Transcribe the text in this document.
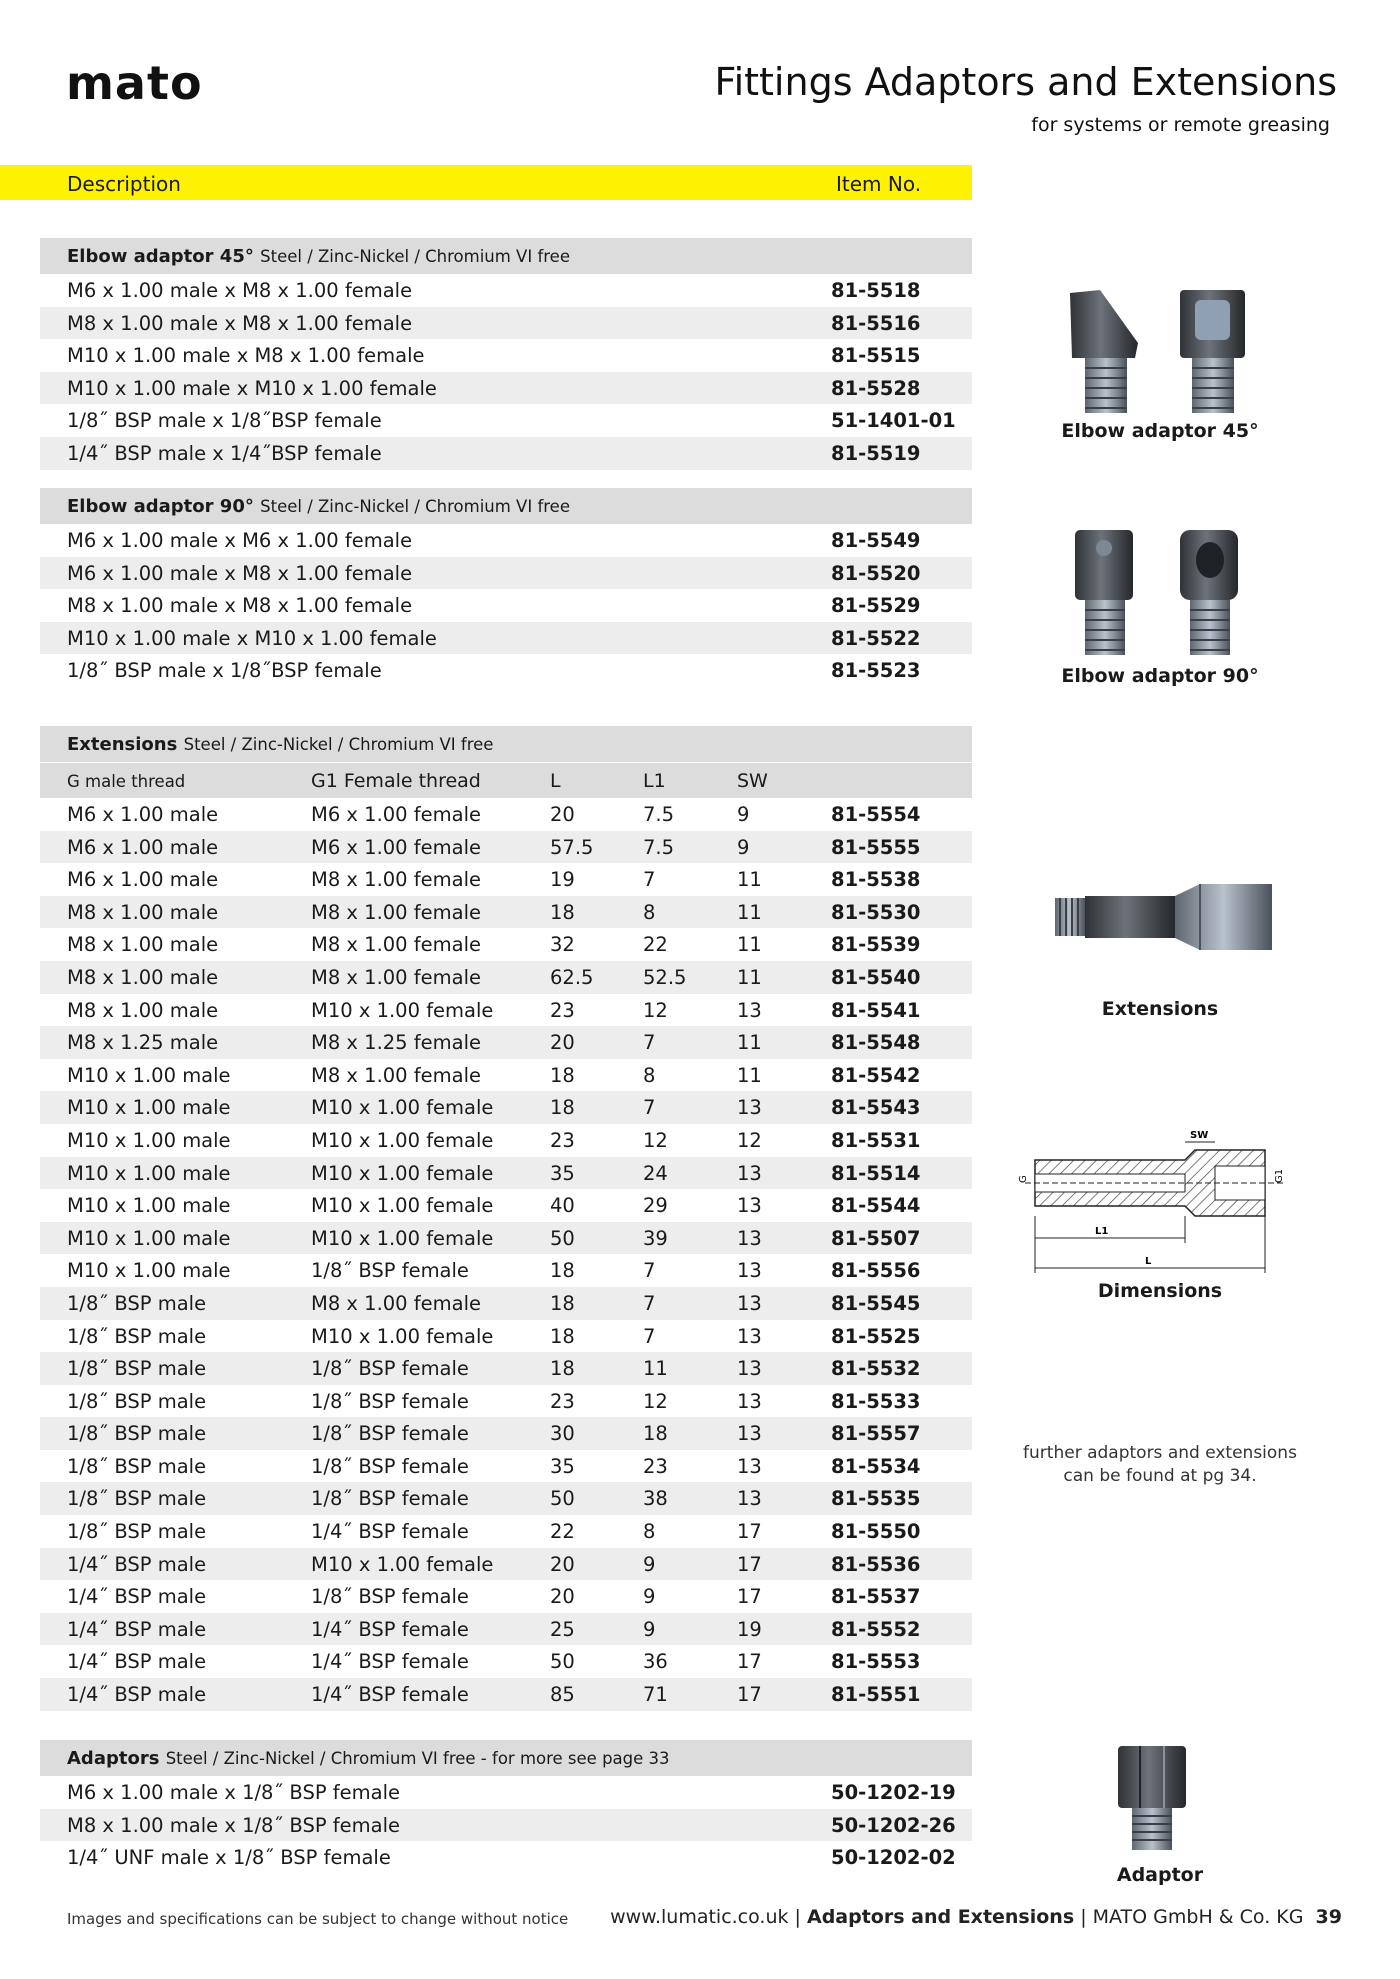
mato	Fittings Adaptors and Extensions
for systems or remote greasing
Description	Item No.
Elbow adaptor 45° Steel / Zinc-Nickel / Chromium VI free
M6 x 1.00 male x M8 x 1.00 female	81-5518
M8 x 1.00 male x M8 x 1.00 female	81-5516
M10 x 1.00 male x M8 x 1.00 female	81-5515
M10 x 1.00 male x M10 x 1.00 female	81-5528
1/8˝ BSP male x 1/8˝BSP female	51-1401-01
1/4˝ BSP male x 1/4˝BSP female	81-5519
Elbow adaptor 90° Steel / Zinc-Nickel / Chromium VI free
M6 x 1.00 male x M6 x 1.00 female	81-5549
M6 x 1.00 male x M8 x 1.00 female	81-5520
M8 x 1.00 male x M8 x 1.00 female	81-5529
M10 x 1.00 male x M10 x 1.00 female	81-5522
1/8˝ BSP male x 1/8˝BSP female	81-5523
Extensions Steel / Zinc-Nickel / Chromium VI free
G male thread	G1 Female thread	L	L1	SW
M6 x 1.00 male	M6 x 1.00 female	20	7.5	9	81-5554
M6 x 1.00 male	M6 x 1.00 female	57.5	7.5	9	81-5555
M6 x 1.00 male	M8 x 1.00 female	19	7	11	81-5538
M8 x 1.00 male	M8 x 1.00 female	18	8	11	81-5530
M8 x 1.00 male	M8 x 1.00 female	32	22	11	81-5539
M8 x 1.00 male	M8 x 1.00 female	62.5	52.5	11	81-5540
M8 x 1.00 male	M10 x 1.00 female	23	12	13	81-5541
M8 x 1.25 male	M8 x 1.25 female	20	7	11	81-5548
M10 x 1.00 male	M8 x 1.00 female	18	8	11	81-5542
M10 x 1.00 male	M10 x 1.00 female	18	7	13	81-5543
M10 x 1.00 male	M10 x 1.00 female	23	12	12	81-5531
M10 x 1.00 male	M10 x 1.00 female	35	24	13	81-5514
M10 x 1.00 male	M10 x 1.00 female	40	29	13	81-5544
M10 x 1.00 male	M10 x 1.00 female	50	39	13	81-5507
M10 x 1.00 male	1/8˝ BSP female	18	7	13	81-5556
1/8˝ BSP male	M8 x 1.00 female	18	7	13	81-5545
1/8˝ BSP male	M10 x 1.00 female	18	7	13	81-5525
1/8˝ BSP male	1/8˝ BSP female	18	11	13	81-5532
1/8˝ BSP male	1/8˝ BSP female	23	12	13	81-5533
1/8˝ BSP male	1/8˝ BSP female	30	18	13	81-5557
1/8˝ BSP male	1/8˝ BSP female	35	23	13	81-5534
1/8˝ BSP male	1/8˝ BSP female	50	38	13	81-5535
1/8˝ BSP male	1/4˝ BSP female	22	8	17	81-5550
1/4˝ BSP male	M10 x 1.00 female	20	9	17	81-5536
1/4˝ BSP male	1/8˝ BSP female	20	9	17	81-5537
1/4˝ BSP male	1/4˝ BSP female	25	9	19	81-5552
1/4˝ BSP male	1/4˝ BSP female	50	36	17	81-5553
1/4˝ BSP male	1/4˝ BSP female	85	71	17	81-5551
Adaptors Steel / Zinc-Nickel / Chromium VI free - for more see page 33
M6 x 1.00 male x 1/8˝ BSP female	50-1202-19
M8 x 1.00 male x 1/8˝ BSP female	50-1202-26
1/4˝ UNF male x 1/8˝ BSP female	50-1202-02
Elbow adaptor 45°
Elbow adaptor 90°
Extensions
SW
G	G1
L1
L
Dimensions
further adaptors and extensions
can be found at pg 34.
Adaptor
Images and specifications can be subject to change without notice www.lumatic.co.uk | Adaptors and Extensions | MATO GmbH & Co. KG 39
